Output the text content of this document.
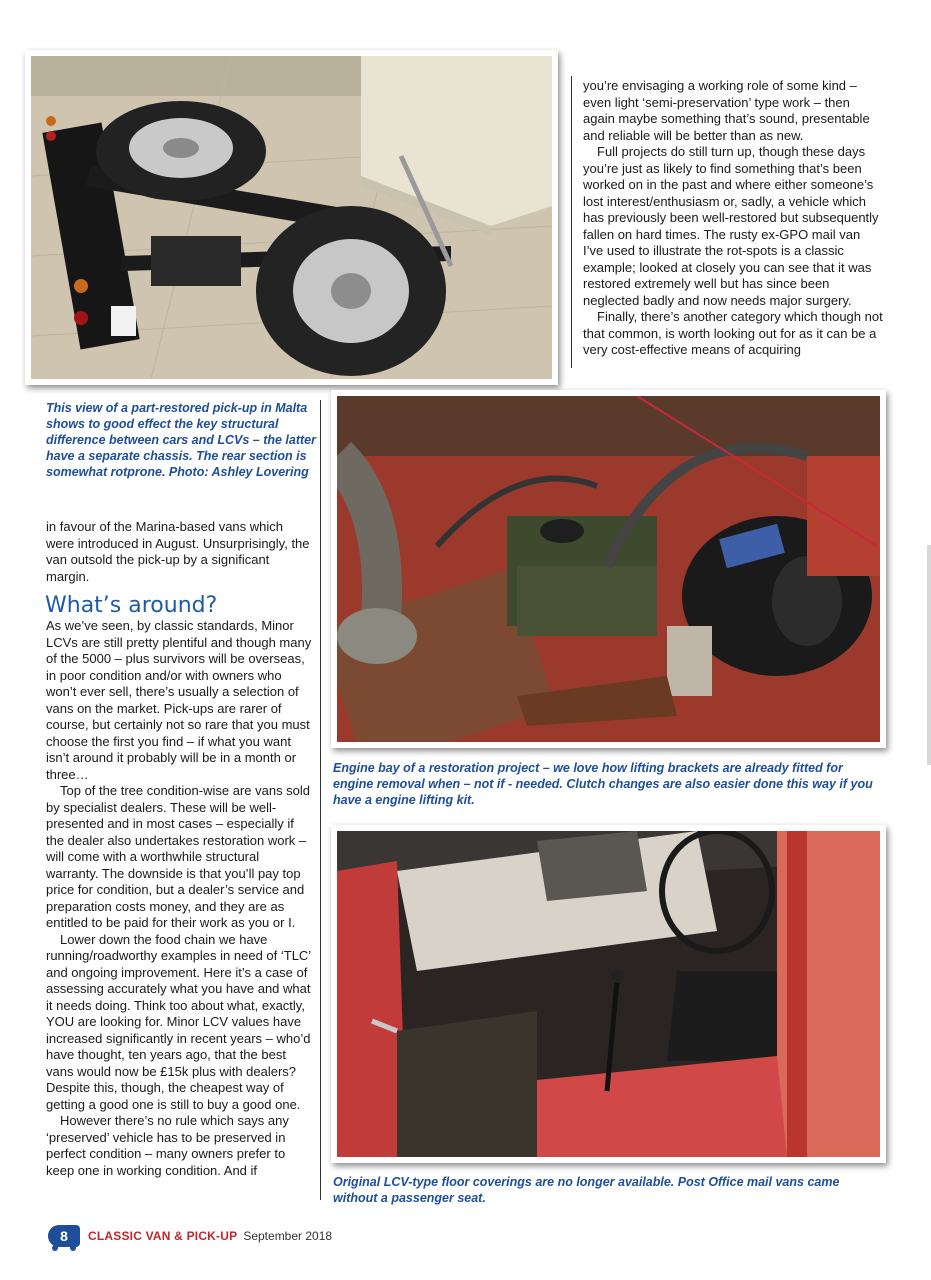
you’re envisaging a working role of some kind – even light ‘semi-preservation’ type work – then again maybe something that’s sound, presentable and reliable will be better than as new.

Full projects do still turn up, though these days you’re just as likely to find something that’s been worked on in the past and where either someone’s lost interest/enthusiasm or, sadly, a vehicle which has previously been well-restored but subsequently fallen on hard times. The rusty ex-GPO mail van I’ve used to illustrate the rot-spots is a classic example; looked at closely you can see that it was restored extremely well but has since been neglected badly and now needs major surgery.

Finally, there’s another category which though not that common, is worth looking out for as it can be a very cost-effective means of acquiring

This view of a part-restored pick-up in Malta shows to good effect the key structural difference between cars and LCVs – the latter have a separate chassis. The rear section is somewhat rotprone. Photo: Ashley Lovering

in favour of the Marina-based vans which were introduced in August. Unsurprisingly, the van outsold the pick-up by a significant margin.

What’s around?

As we’ve seen, by classic standards, Minor LCVs are still pretty plentiful and though many of the 5000 – plus survivors will be overseas, in poor condition and/or with owners who won’t ever sell, there’s usually a selection of vans on the market. Pick-ups are rarer of course, but certainly not so rare that you must choose the first you find – if what you want isn’t around it probably will be in a month or three…

Top of the tree condition-wise are vans sold by specialist dealers. These will be well-presented and in most cases – especially if the dealer also undertakes restoration work – will come with a worthwhile structural warranty. The downside is that you’ll pay top price for condition, but a dealer’s service and preparation costs money, and they are as entitled to be paid for their work as you or I.

Lower down the food chain we have running/roadworthy examples in need of ‘TLC’ and ongoing improvement. Here it’s a case of assessing accurately what you have and what it needs doing. Think too about what, exactly, YOU are looking for. Minor LCV values have increased significantly in recent years – who’d have thought, ten years ago, that the best vans would now be £15k plus with dealers? Despite this, though, the cheapest way of getting a good one is still to buy a good one.

However there’s no rule which says any ‘preserved’ vehicle has to be preserved in perfect condition – many owners prefer to keep one in working condition. And if

Engine bay of a restoration project – we love how lifting brackets are already fitted for engine removal when – not if - needed. Clutch changes are also easier done this way if you have a engine lifting kit.
Original LCV-type floor coverings are no longer available. Post Office mail vans came without a passenger seat.
8	CLASSIC VAN & PICK-UP September 2018
